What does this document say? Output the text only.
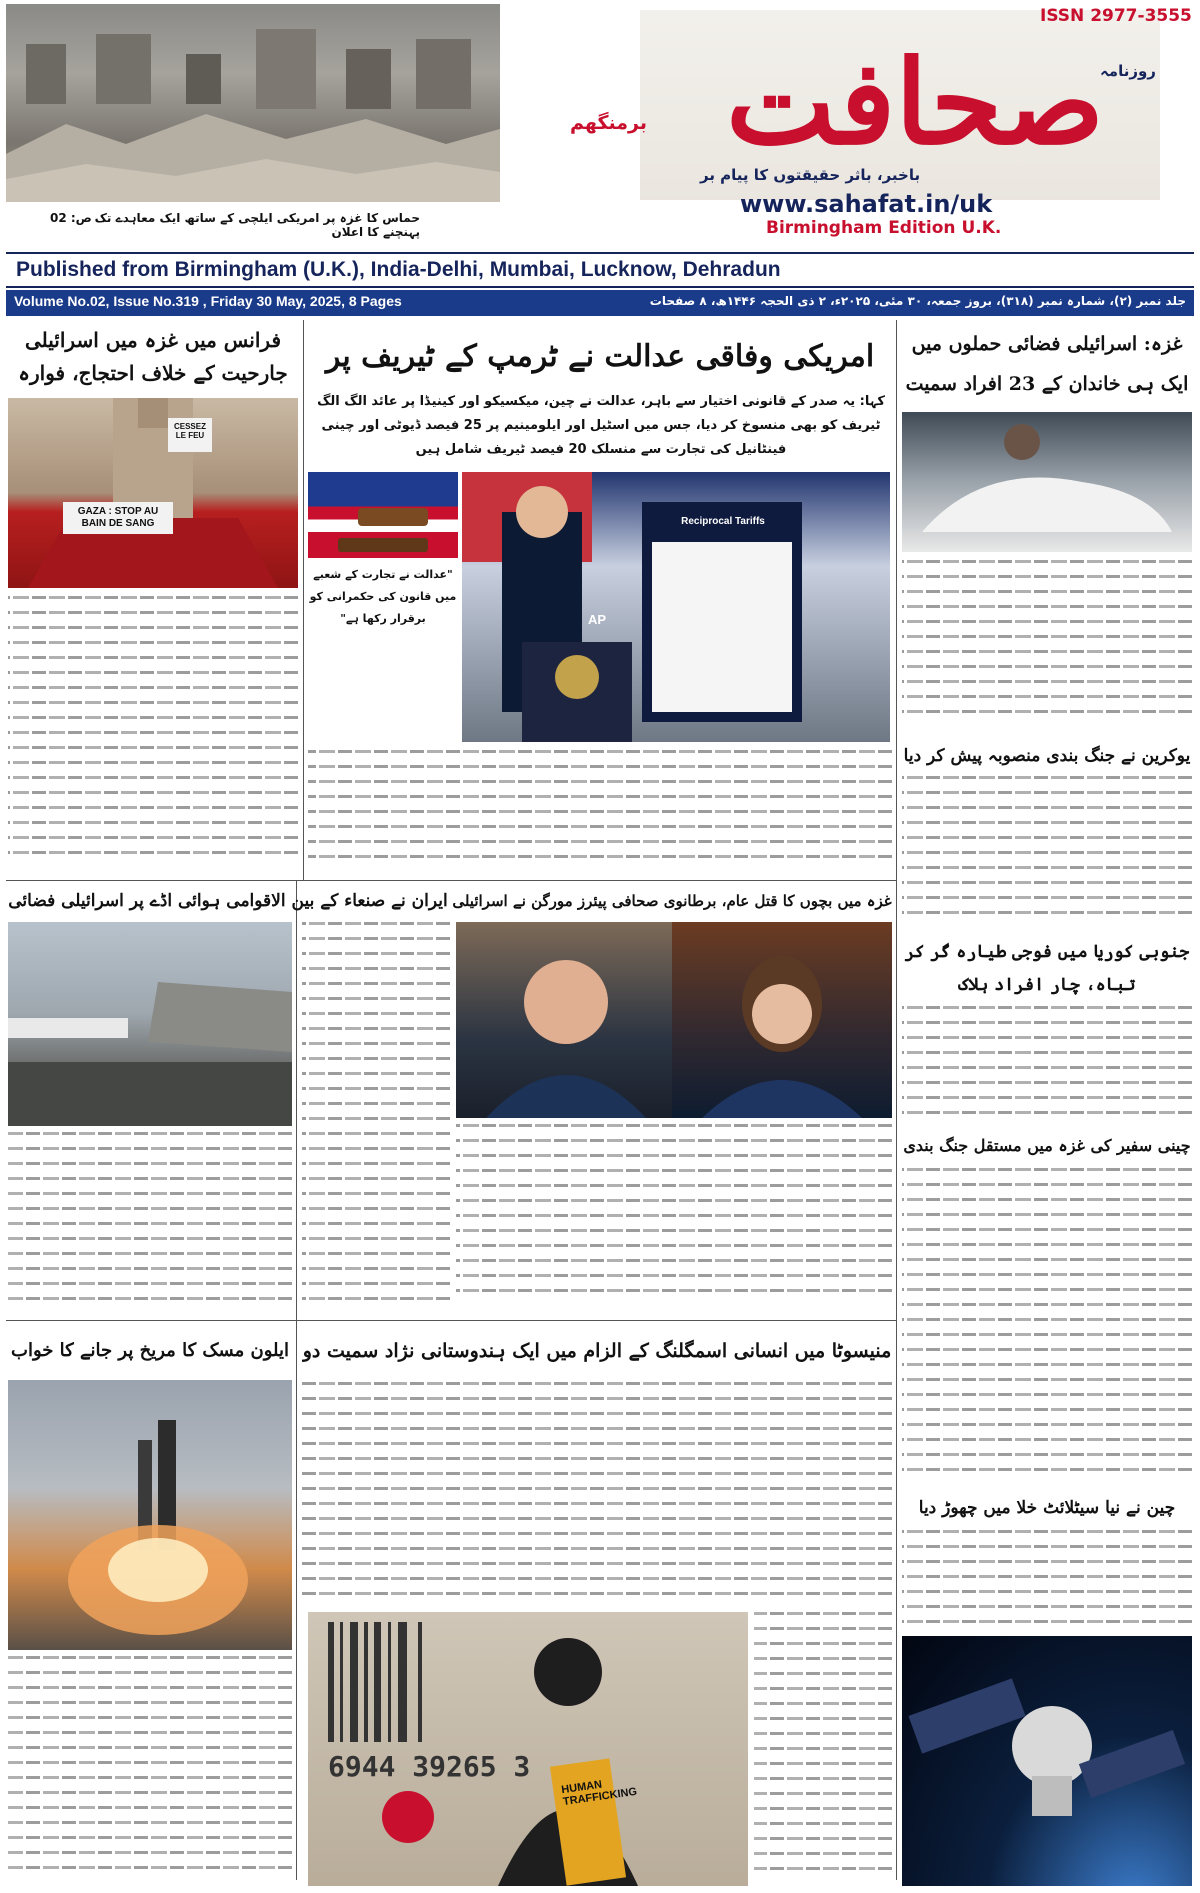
حماس کا غزہ پر امریکی ایلچی کے ساتھ ایک معاہدے تک پہنچنے کا اعلان
ص: 02
ISSN 2977-3555
روزنامہ
صحافت
برمنگھم
باخبر، باثر حقیقتوں کا پیام بر
www.sahafat.in/uk
Birmingham Edition U.K.
Published from Birmingham (U.K.), India-Delhi, Mumbai, Lucknow, Dehradun
Volume No.02, Issue No.319 , Friday 30 May, 2025, 8 Pages	جلد نمبر (۲)، شمارہ نمبر (۳۱۸)، بروز جمعہ، ۳۰ مئی، ۲۰۲۵ء، ۲ ذی الحجہ ۱۴۴۶ھ، ۸ صفحات
فرانس میں غزہ میں اسرائیلی جارحیت کے خلاف احتجاج، فوارہ
GAZA : STOP AU BAIN DE SANG
CESSEZ LE FEU
امریکی وفاقی عدالت نے ٹرمپ کے ٹیریف پر
کہا: یہ صدر کے قانونی اختیار سے باہر، عدالت نے چین، میکسیکو اور کینیڈا پر عائد الگ الگ ٹیریف کو بھی منسوخ کر دیا، جس میں اسٹیل اور ایلومینیم پر 25 فیصد ڈیوٹی اور چینی فینٹانیل کی تجارت سے منسلک 20 فیصد ٹیریف شامل ہیں
Reciprocal Tariffs
AP
"عدالت نے تجارت کے شعبے میں قانون کی حکمرانی کو برقرار رکھا ہے"
غزہ: اسرائیلی فضائی حملوں میں ایک ہی خاندان کے 23 افراد سمیت
یوکرین نے جنگ بندی منصوبہ پیش کر دیا
جنوبی کوریا میں فوجی طیارہ گر کر تباہ، چار افراد ہلاک
چینی سفیر کی غزہ میں مستقل جنگ بندی
چین نے نیا سیٹلائٹ خلا میں چھوڑ دیا
ایران نے صنعاء کے بین الاقوامی ہوائی اڈے پر اسرائیلی فضائی	غزہ میں بچوں کا قتل عام، برطانوی صحافی پیئرز مورگن نے اسرائیلی
ایلون مسک کا مریخ پر جانے کا خواب	منیسوٹا میں انسانی اسمگلنگ کے الزام میں ایک ہندوستانی نژاد سمیت دو
6944 39265 3
HUMAN TRAFFICKING
